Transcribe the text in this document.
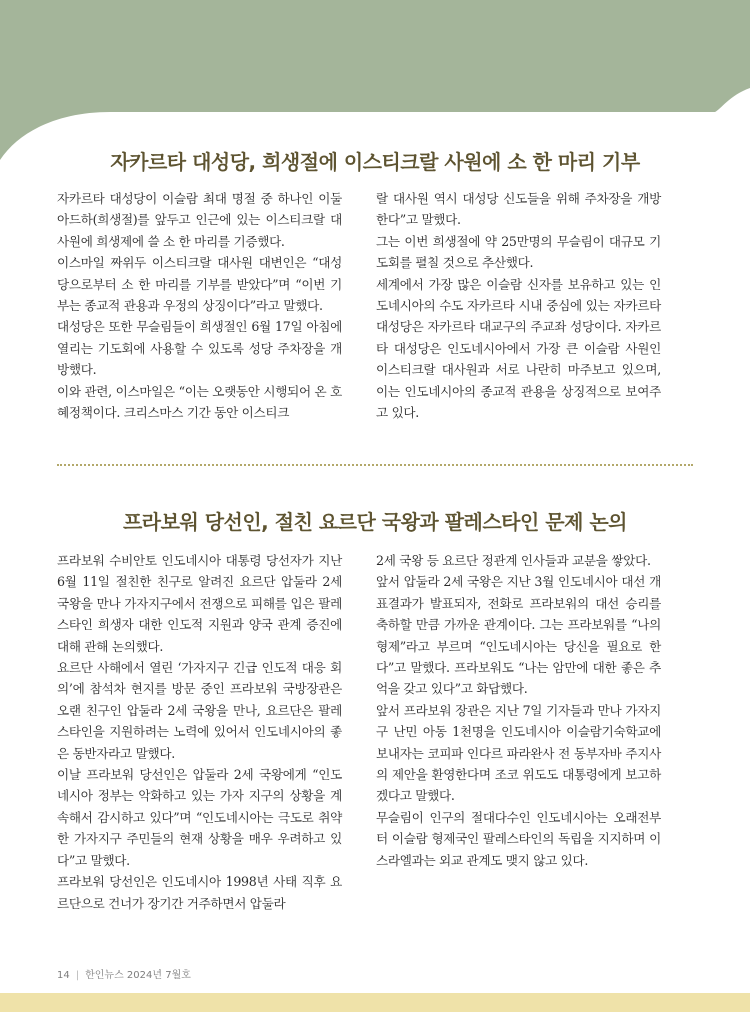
자카르타 대성당, 희생절에 이스티크랄 사원에 소 한 마리 기부

자카르타 대성당이 이슬람 최대 명절 중 하나인 이둘아드하(희생절)를 앞두고 인근에 있는 이스티크랄 대사원에 희생제에 쓸 소 한 마리를 기증했다.

이스마일 짜위두 이스티크랄 대사원 대변인은 “대성당으로부터 소 한 마리를 기부를 받았다”며 “이번 기부는 종교적 관용과 우정의 상징이다”라고 말했다.

대성당은 또한 무슬림들이 희생절인 6월 17일 아침에 열리는 기도회에 사용할 수 있도록 성당 주차장을 개방했다.

이와 관련, 이스마일은 “이는 오랫동안 시행되어 온 호혜정책이다. 크리스마스 기간 동안 이스티크

랄 대사원 역시 대성당 신도들을 위해 주차장을 개방한다”고 말했다.

그는 이번 희생절에 약 25만명의 무슬림이 대규모 기도회를 펼칠 것으로 추산했다.

세계에서 가장 많은 이슬람 신자를 보유하고 있는 인도네시아의 수도 자카르타 시내 중심에 있는 자카르타 대성당은 자카르타 대교구의 주교좌 성당이다. 자카르타 대성당은 인도네시아에서 가장 큰 이슬람 사원인 이스티크랄 대사원과 서로 나란히 마주보고 있으며, 이는 인도네시아의 종교적 관용을 상징적으로 보여주고 있다.

프라보워 당선인, 절친 요르단 국왕과 팔레스타인 문제 논의

프라보워 수비안토 인도네시아 대통령 당선자가 지난 6월 11일 절친한 친구로 알려진 요르단 압둘라 2세 국왕을 만나 가자지구에서 전쟁으로 피해를 입은 팔레스타인 희생자 대한 인도적 지원과 양국 관계 증진에 대해 관해 논의했다.

요르단 사해에서 열린 ‘가자지구 긴급 인도적 대응 회의’에 참석차 현지를 방문 중인 프라보워 국방장관은 오랜 친구인 압둘라 2세 국왕을 만나, 요르단은 팔레스타인을 지원하려는 노력에 있어서 인도네시아의 좋은 동반자라고 말했다.

이날 프라보워 당선인은 압둘라 2세 국왕에게 “인도네시아 정부는 악화하고 있는 가자 지구의 상황을 계속해서 감시하고 있다”며 “인도네시아는 극도로 취약한 가자지구 주민들의 현재 상황을 매우 우려하고 있다”고 말했다.

프라보워 당선인은 인도네시아 1998년 사태 직후 요르단으로 건너가 장기간 거주하면서 압둘라

2세 국왕 등 요르단 정관계 인사들과 교분을 쌓았다.

앞서 압둘라 2세 국왕은 지난 3월 인도네시아 대선 개표결과가 발표되자, 전화로 프라보워의 대선 승리를 축하할 만큼 가까운 관계이다. 그는 프라보워를 “나의 형제”라고 부르며 “인도네시아는 당신을 필요로 한다”고 말했다. 프라보워도 “나는 암만에 대한 좋은 추억을 갖고 있다”고 화답했다.

앞서 프라보워 장관은 지난 7일 기자들과 만나 가자지구 난민 아동 1천명을 인도네시아 이슬람기숙학교에 보내자는 코피파 인다르 파라완사 전 동부자바 주지사의 제안을 환영한다며 조코 위도도 대통령에게 보고하겠다고 말했다.

무슬림이 인구의 절대다수인 인도네시아는 오래전부터 이슬람 형제국인 팔레스타인의 독립을 지지하며 이스라엘과는 외교 관계도 맺지 않고 있다.

14 | 한인뉴스 2024년 7월호
